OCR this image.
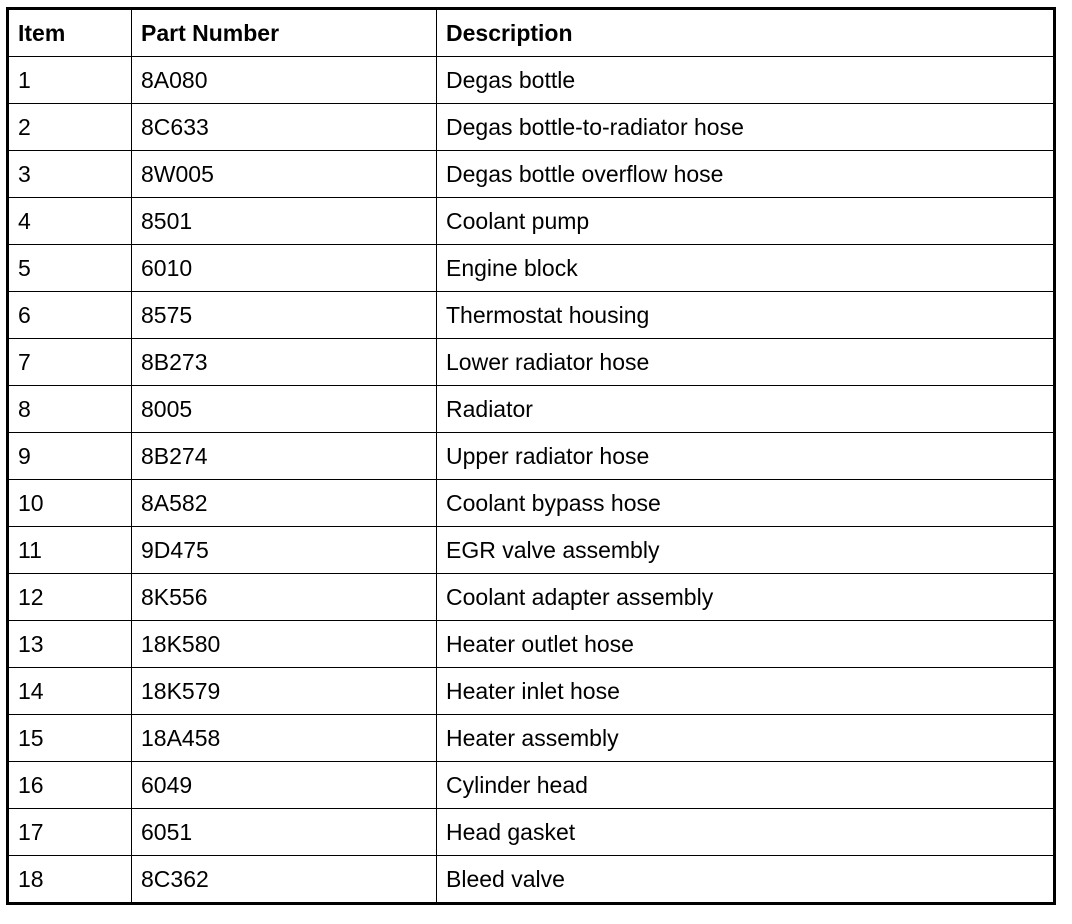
Item	Part Number	Description
1	8A080	Degas bottle
2	8C633	Degas bottle-to-radiator hose
3	8W005	Degas bottle overflow hose
4	8501	Coolant pump
5	6010	Engine block
6	8575	Thermostat housing
7	8B273	Lower radiator hose
8	8005	Radiator
9	8B274	Upper radiator hose
10	8A582	Coolant bypass hose
11	9D475	EGR valve assembly
12	8K556	Coolant adapter assembly
13	18K580	Heater outlet hose
14	18K579	Heater inlet hose
15	18A458	Heater assembly
16	6049	Cylinder head
17	6051	Head gasket
18	8C362	Bleed valve
